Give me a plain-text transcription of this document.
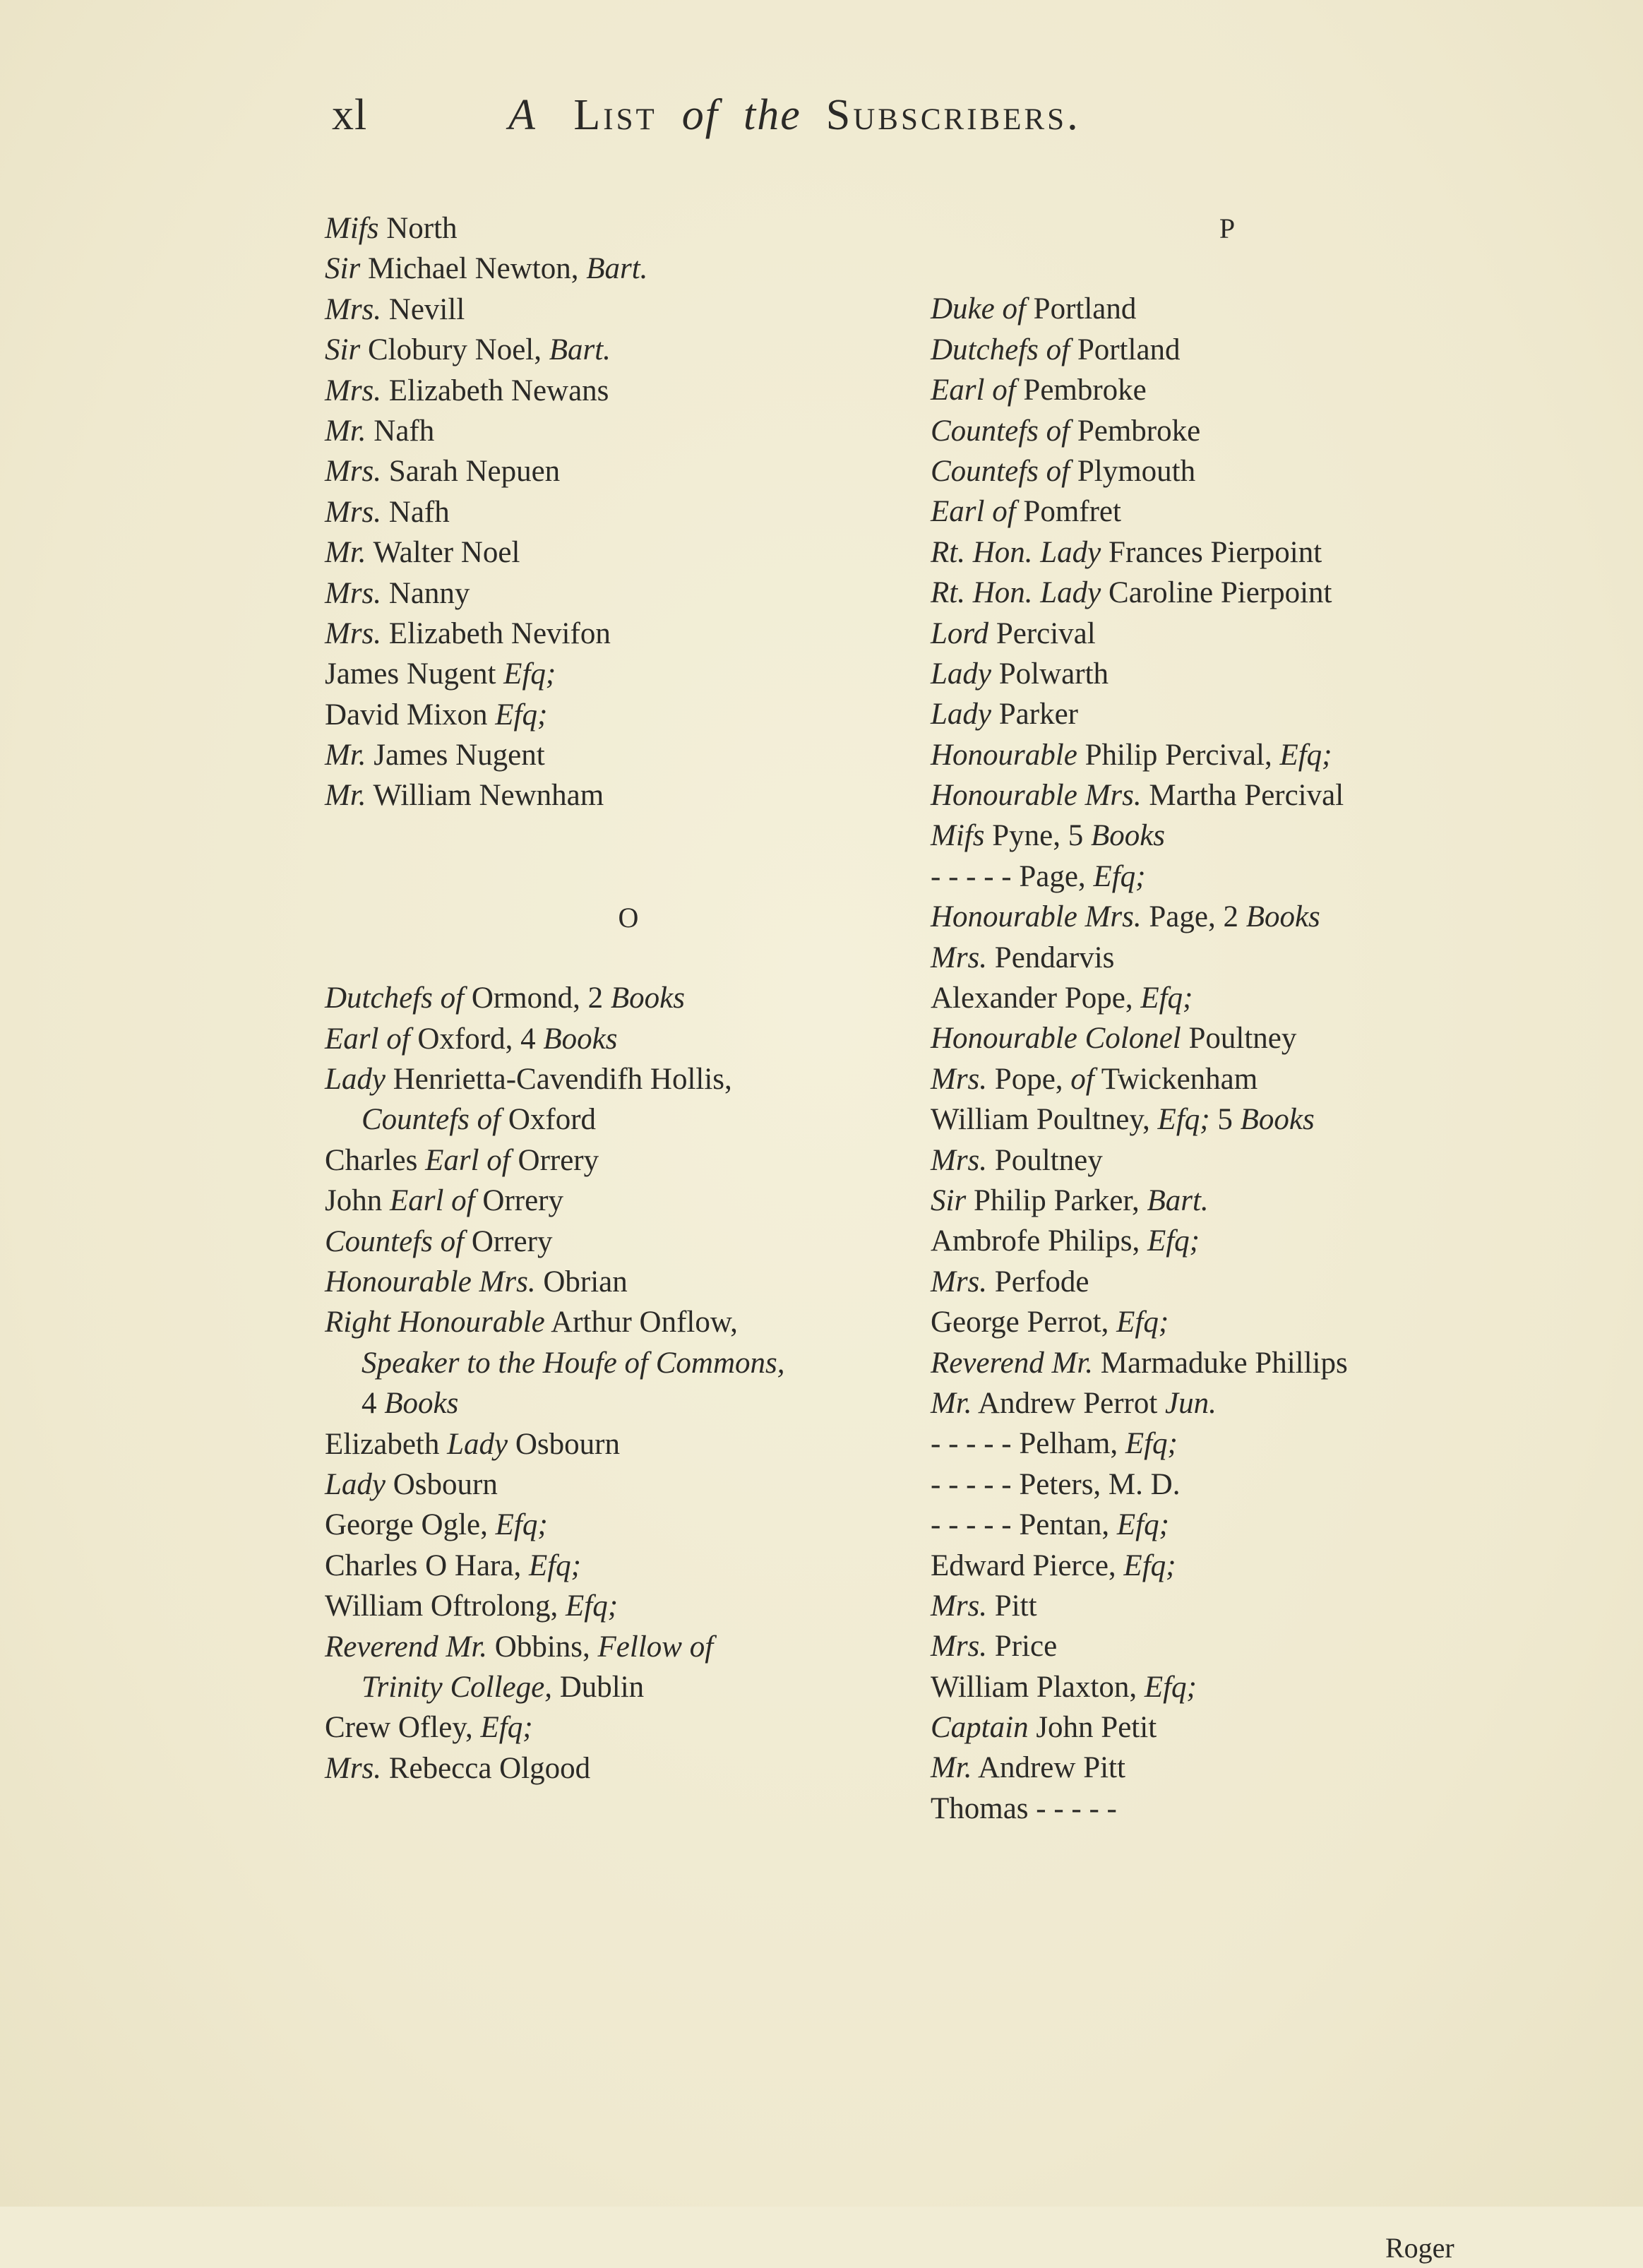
xl	A List of the Subscribers.
Mifs North
Sir Michael Newton, Bart.
Mrs. Nevill
Sir Clobury Noel, Bart.
Mrs. Elizabeth Newans
Mr. Nafh
Mrs. Sarah Nepuen
Mrs. Nafh
Mr. Walter Noel
Mrs. Nanny
Mrs. Elizabeth Nevifon
James Nugent Efq;
David Mixon Efq;
Mr. James Nugent
Mr. William Newnham
O
Dutchefs of Ormond, 2 Books
Earl of Oxford, 4 Books
Lady Henrietta-Cavendifh Hollis,
Countefs of Oxford
Charles Earl of Orrery
John Earl of Orrery
Countefs of Orrery
Honourable Mrs. Obrian
Right Honourable Arthur Onflow,
Speaker to the Houfe of Commons,
4 Books
Elizabeth Lady Osbourn
Lady Osbourn
George Ogle, Efq;
Charles O Hara, Efq;
William Oftrolong, Efq;
Reverend Mr. Obbins, Fellow of
Trinity College, Dublin
Crew Ofley, Efq;
Mrs. Rebecca Olgood
P
Duke of Portland
Dutchefs of Portland
Earl of Pembroke
Countefs of Pembroke
Countefs of Plymouth
Earl of Pomfret
Rt. Hon. Lady Frances Pierpoint
Rt. Hon. Lady Caroline Pierpoint
Lord Percival
Lady Polwarth
Lady Parker
Honourable Philip Percival, Efq;
Honourable Mrs. Martha Percival
Mifs Pyne, 5 Books
- - - - - Page, Efq;
Honourable Mrs. Page, 2 Books
Mrs. Pendarvis
Alexander Pope, Efq;
Honourable Colonel Poultney
Mrs. Pope, of Twickenham
William Poultney, Efq; 5 Books
Mrs. Poultney
Sir Philip Parker, Bart.
Ambrofe Philips, Efq;
Mrs. Perfode
George Perrot, Efq;
Reverend Mr. Marmaduke Phillips
Mr. Andrew Perrot Jun.
- - - - - Pelham, Efq;
- - - - - Peters, M. D.
- - - - - Pentan, Efq;
Edward Pierce, Efq;
Mrs. Pitt
Mrs. Price
William Plaxton, Efq;
Captain John Petit
Mr. Andrew Pitt
Thomas - - - - -
Roger
